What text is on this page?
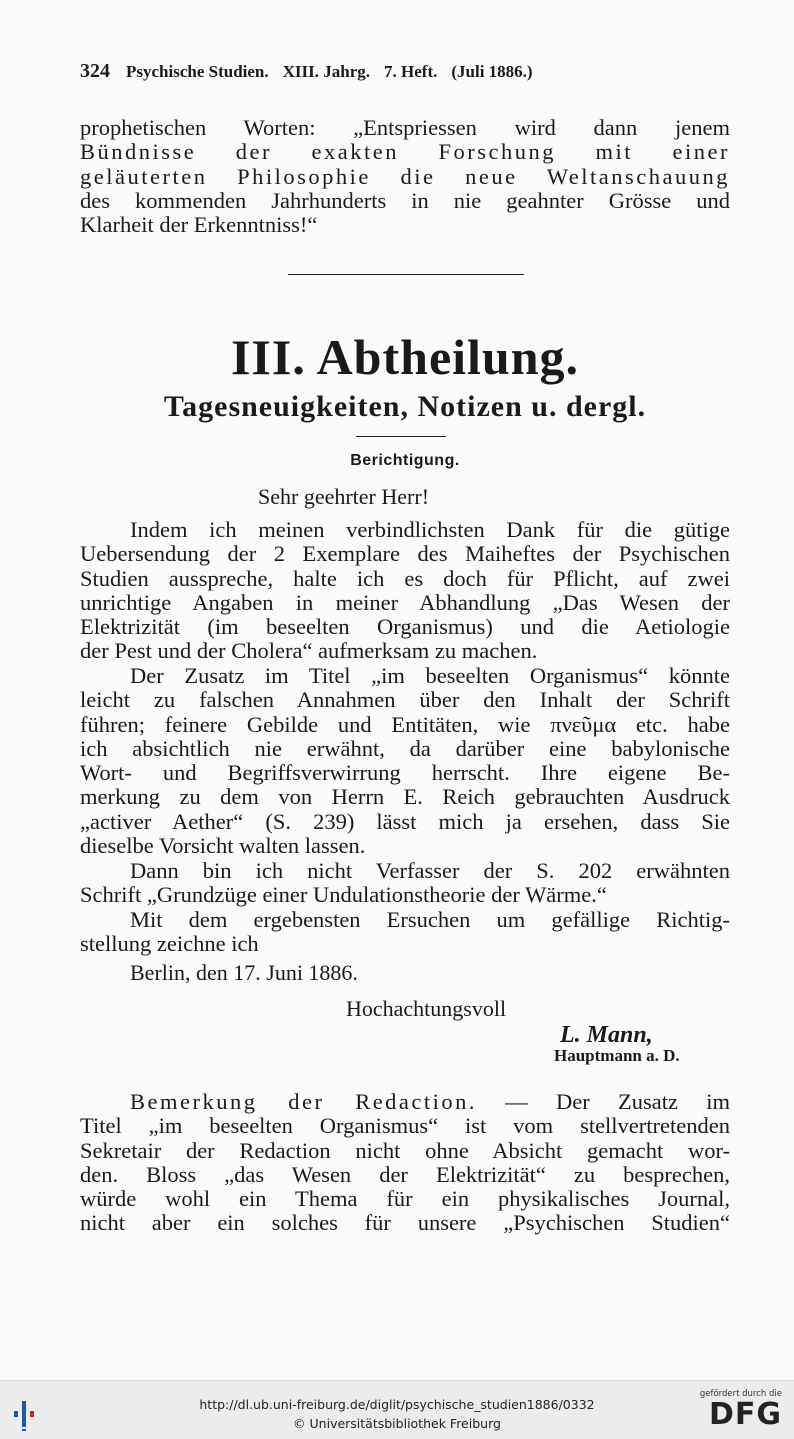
324 Psychische Studien. XIII. Jahrg. 7. Heft. (Juli 1886.)
prophetischen Worten: „Entspriessen wird dann jenem
Bündnisse der exakten Forschung mit einer
geläuterten Philosophie die neue Weltanschauung
des kommenden Jahrhunderts in nie geahnter Grösse und
Klarheit der Erkenntniss!“
III. Abtheilung.
Tagesneuigkeiten, Notizen u. dergl.
Berichtigung.
Sehr geehrter Herr!
Indem ich meinen verbindlichsten Dank für die gütige
Uebersendung der 2 Exemplare des Maiheftes der Psychischen
Studien ausspreche, halte ich es doch für Pflicht, auf zwei
unrichtige Angaben in meiner Abhandlung „Das Wesen der
Elektrizität (im beseelten Organismus) und die Aetiologie
der Pest und der Cholera“ aufmerksam zu machen.
Der Zusatz im Titel „im beseelten Organismus“ könnte
leicht zu falschen Annahmen über den Inhalt der Schrift
führen; feinere Gebilde und Entitäten, wie πνεῦμα etc. habe
ich absichtlich nie erwähnt, da darüber eine babylonische
Wort- und Begriffsverwirrung herrscht. Ihre eigene Be-
merkung zu dem von Herrn E. Reich gebrauchten Ausdruck
„activer Aether“ (S. 239) lässt mich ja ersehen, dass Sie
dieselbe Vorsicht walten lassen.
Dann bin ich nicht Verfasser der S. 202 erwähnten
Schrift „Grundzüge einer Undulationstheorie der Wärme.“
Mit dem ergebensten Ersuchen um gefällige Richtig-
stellung zeichne ich
Berlin, den 17. Juni 1886.
Hochachtungsvoll
L. Mann,
Hauptmann a. D.
Bemerkung der Redaction. — Der Zusatz im
Titel „im beseelten Organismus“ ist vom stellvertretenden
Sekretair der Redaction nicht ohne Absicht gemacht wor-
den. Bloss „das Wesen der Elektrizität“ zu besprechen,
würde wohl ein Thema für ein physikalisches Journal,
nicht aber ein solches für unsere „Psychischen Studien“
http://dl.ub.uni-freiburg.de/diglit/psychische_studien1886/0332
© Universitätsbibliothek Freiburg
gefördert durch die
DFG
